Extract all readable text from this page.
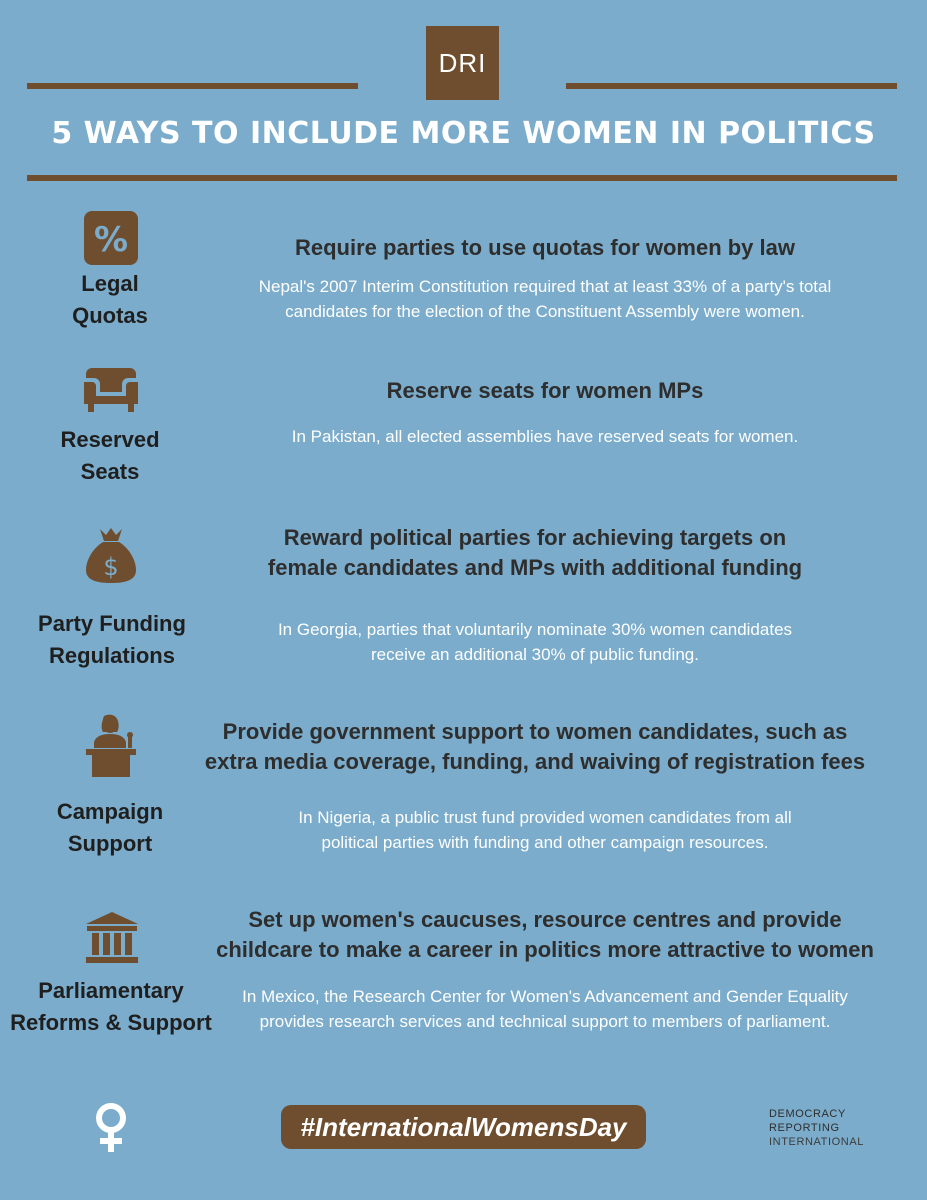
DRI
5 WAYS TO INCLUDE MORE WOMEN IN POLITICS
%
Legal
Quotas
Require parties to use quotas for women by law
Nepal's 2007 Interim Constitution required that at least 33% of a party's total
candidates for the election of the Constituent Assembly were women.
Reserved
Seats
Reserve seats for women MPs
In Pakistan, all elected assemblies have reserved seats for women.
$
Party Funding
Regulations
Reward political parties for achieving targets on
female candidates and MPs with additional funding
In Georgia, parties that voluntarily nominate 30% women candidates
receive an additional 30% of public funding.
Campaign
Support
Provide government support to women candidates, such as
extra media coverage, funding, and waiving of registration fees
In Nigeria, a public trust fund provided women candidates from all
political parties with funding and other campaign resources.
Parliamentary
Reforms & Support
Set up women's caucuses, resource centres and provide
childcare to make a career in politics more attractive to women
In Mexico, the Research Center for Women's Advancement and Gender Equality
provides research services and technical support to members of parliament.
#InternationalWomensDay	DEMOCRACY
REPORTING
INTERNATIONAL
